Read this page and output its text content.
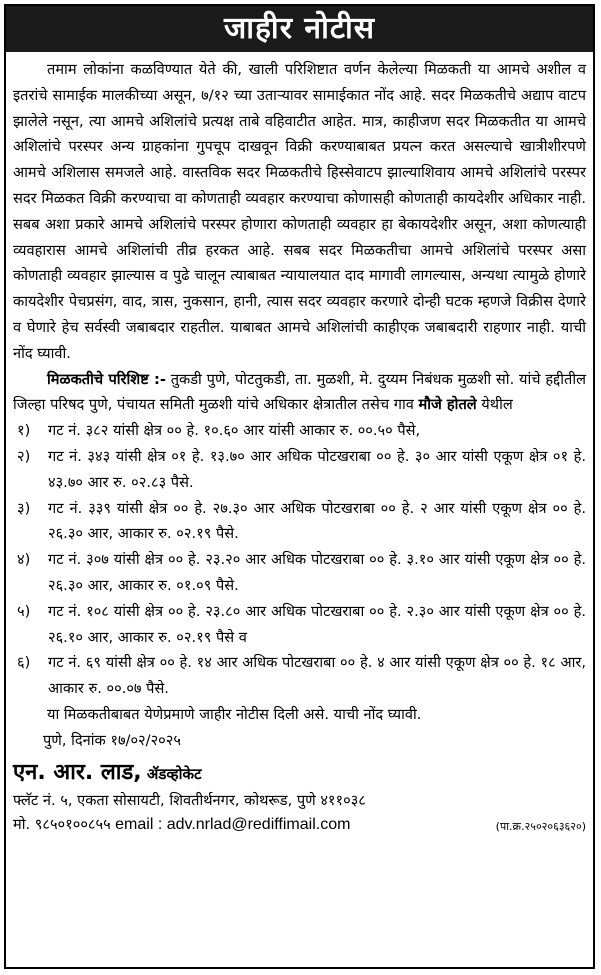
जाहीर नोटीस

तमाम लोकांना कळविण्यात येते की, खाली परिशिष्टात वर्णन केलेल्या मिळकती या आमचे अशील व इतरांचे सामाईक मालकीच्या असून, ७/१२ च्या उताऱ्यावर सामाईकात नोंद आहे. सदर मिळकतीचे अद्याप वाटप झालेले नसून, त्या आमचे अशिलांचे प्रत्यक्ष ताबे वहिवाटीत आहेत. मात्र, काहीजण सदर मिळकतीत या आमचे अशिलांचे परस्पर अन्य ग्राहकांना गुपचूप दाखवून विक्री करण्याबाबत प्रयत्न करत असल्याचे खात्रीशीरपणे आमचे अशिलास समजले आहे. वास्तविक सदर मिळकतीचे हिस्सेवाटप झाल्याशिवाय आमचे अशिलांचे परस्पर सदर मिळकत विक्री करण्याचा वा कोणताही व्यवहार करण्याचा कोणासही कोणताही कायदेशीर अधिकार नाही. सबब अशा प्रकारे आमचे अशिलांचे परस्पर होणारा कोणताही व्यवहार हा बेकायदेशीर असून, अशा कोणत्याही व्यवहारास आमचे अशिलांची तीव्र हरकत आहे. सबब सदर मिळकतीचा आमचे अशिलांचे परस्पर असा कोणताही व्यवहार झाल्यास व पुढे चालून त्याबाबत न्यायालयात दाद मागावी लागल्यास, अन्यथा त्यामुळे होणारे कायदेशीर पेचप्रसंग, वाद, त्रास, नुकसान, हानी, त्यास सदर व्यवहार करणारे दोन्ही घटक म्हणजे विक्रीस देणारे व घेणारे हेच सर्वस्वी जबाबदार राहतील. याबाबत आमचे अशिलांची काहीएक जबाबदारी राहणार नाही. याची नोंद घ्यावी.

मिळकतीचे परिशिष्ट :- तुकडी पुणे, पोटतुकडी, ता. मुळशी, मे. दुय्यम निबंधक मुळशी सो. यांचे हद्दीतील जिल्हा परिषद पुणे, पंचायत समिती मुळशी यांचे अधिकार क्षेत्रातील तसेच गाव मौजे होतले येथील

१) गट नं. ३८२ यांसी क्षेत्र ०० हे. १०.६० आर यांसी आकार रु. ००.५० पैसे,
२) गट नं. ३४३ यांसी क्षेत्र ०१ हे. १३.७० आर अधिक पोटखराबा ०० हे. ३० आर यांसी एकूण क्षेत्र ०१ हे. ४३.७० आर रु. ०२.८३ पैसे.
३) गट नं. ३३९ यांसी क्षेत्र ०० हे. २७.३० आर अधिक पोटखराबा ०० हे. २ आर यांसी एकूण क्षेत्र ०० हे. २६.३० आर, आकार रु. ०२.१९ पैसे.
४) गट नं. ३०७ यांसी क्षेत्र ०० हे. २३.२० आर अधिक पोटखराबा ०० हे. ३.१० आर यांसी एकूण क्षेत्र ०० हे. २६.३० आर, आकार रु. ०१.०९ पैसे.
५) गट नं. १०८ यांसी क्षेत्र ०० हे. २३.८० आर अधिक पोटखराबा ०० हे. २.३० आर यांसी एकूण क्षेत्र ०० हे. २६.१० आर, आकार रु. ०२.१९ पैसे व
६) गट नं. ६९ यांसी क्षेत्र ०० हे. १४ आर अधिक पोटखराबा ०० हे. ४ आर यांसी एकूण क्षेत्र ०० हे. १८ आर, आकार रु. ००.०७ पैसे.

या मिळकतीबाबत येणेप्रमाणे जाहीर नोटीस दिली असे. याची नोंद घ्यावी.

पुणे, दिनांक १७/०२/२०२५

एन. आर. लाड, ॲडव्होकेट

फ्लॅट नं. ५, एकता सोसायटी, शिवतीर्थनगर, कोथरूड, पुणे ४११०३८

मो. ९८५०१००८५५ email : adv.nrlad@rediffimail.com	(पा.क्र.२५०२०६३६२०)
